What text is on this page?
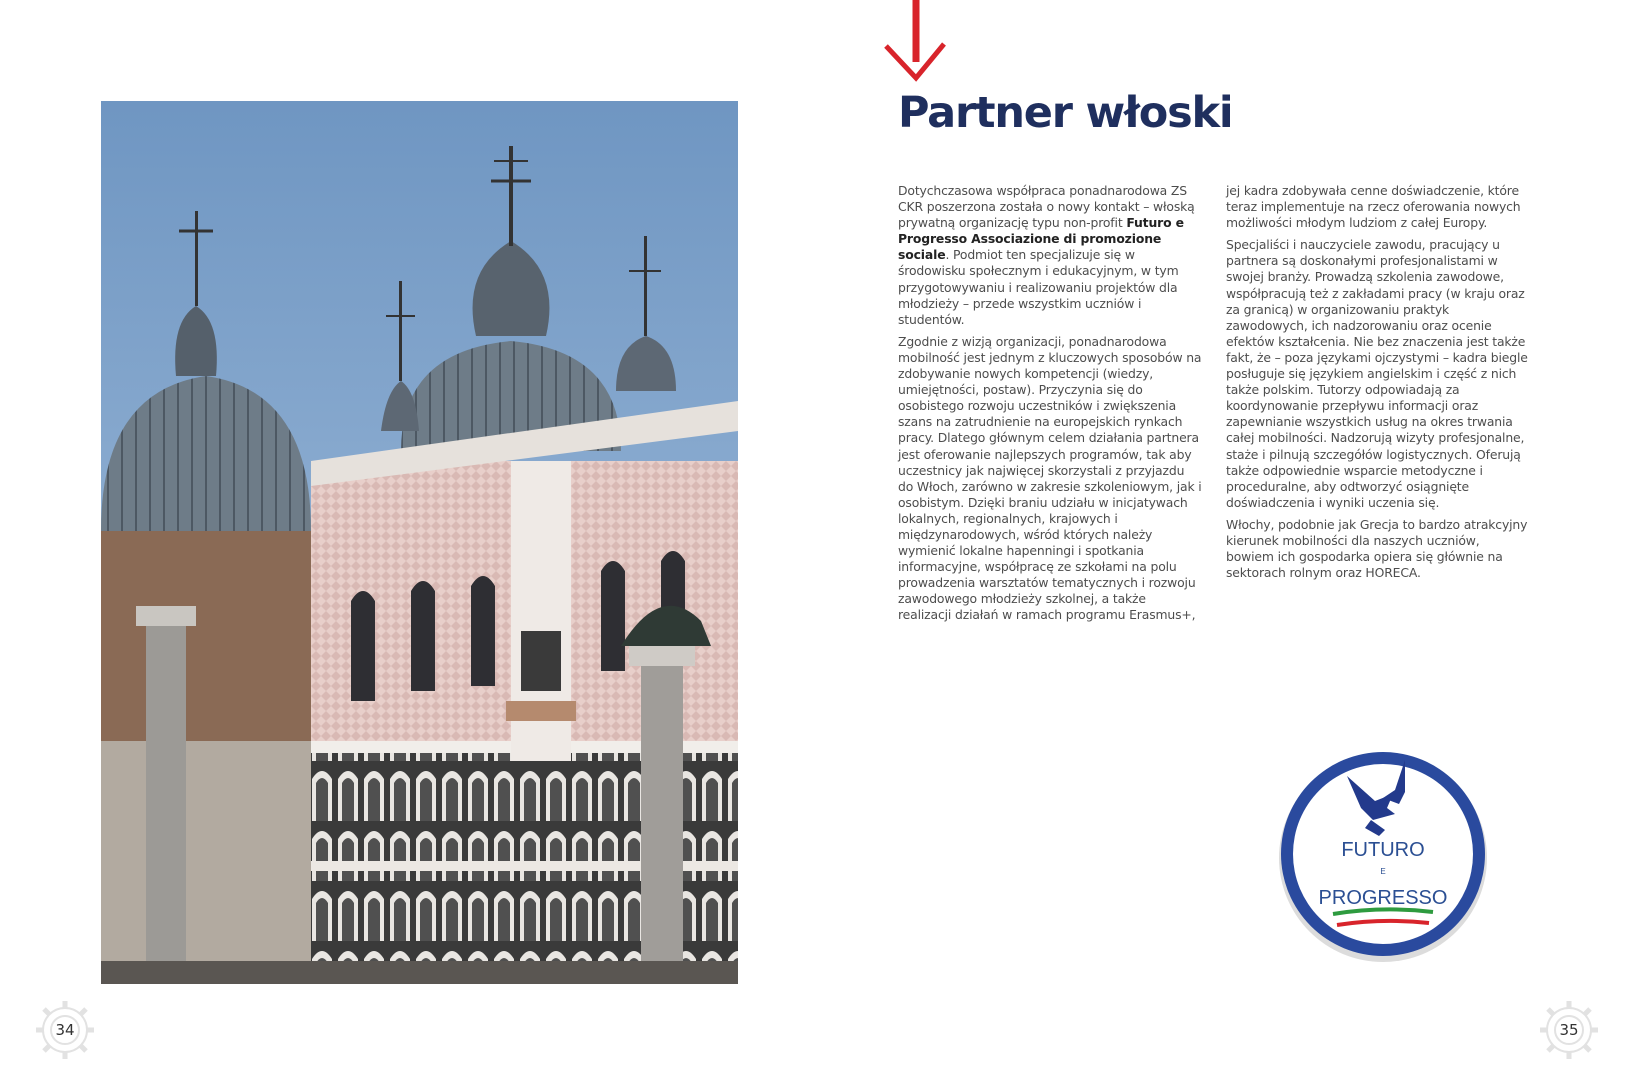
Partner włoski

Dotychczasowa współpraca ponadnarodowa ZS CKR poszerzona została o nowy kontakt – włoską prywatną organizację typu non-profit Futuro e Progresso Associazione di promozione sociale. Podmiot ten specjalizuje się w środowisku społecznym i edukacyjnym, w tym przygotowywaniu i realizowaniu projektów dla młodzieży – przede wszystkim uczniów i studentów.

Zgodnie z wizją organizacji, ponadnarodowa mobilność jest jednym z kluczowych sposobów na zdobywanie nowych kompetencji (wiedzy, umiejętności, postaw). Przyczynia się do osobistego rozwoju uczestników i zwiększenia szans na zatrudnienie na europejskich rynkach pracy. Dlatego głównym celem działania partnera jest oferowanie najlepszych programów, tak aby uczestnicy jak najwięcej skorzystali z przyjazdu do Włoch, zarówno w zakresie szkoleniowym, jak i osobistym. Dzięki braniu udziału w inicjatywach lokalnych, regionalnych, krajowych i międzynarodowych, wśród których należy wymienić lokalne hapenningi i spotkania informacyjne, współpracę ze szkołami na polu prowadzenia warsztatów tematycznych i rozwoju zawodowego młodzieży szkolnej, a także realizacji działań w ramach programu Erasmus+,

jej kadra zdobywała cenne doświadczenie, które teraz implementuje na rzecz oferowania nowych możliwości młodym ludziom z całej Europy.

Specjaliści i nauczyciele zawodu, pracujący u partnera są doskonałymi profesjonalistami w swojej branży. Prowadzą szkolenia zawodowe, współpracują też z zakładami pracy (w kraju oraz za granicą) w organizowaniu praktyk zawodowych, ich nadzorowaniu oraz ocenie efektów kształcenia. Nie bez znaczenia jest także fakt, że – poza językami ojczystymi – kadra biegle posługuje się językiem angielskim i część z nich także polskim. Tutorzy odpowiadają za koordynowanie przepływu informacji oraz zapewnianie wszystkich usług na okres trwania całej mobilności. Nadzorują wizyty profesjonalne, staże i pilnują szczegółów logistycznych. Oferują także odpowiednie wsparcie metodyczne i proceduralne, aby odtworzyć osiągnięte doświadczenia i wyniki uczenia się.

Włochy, podobnie jak Grecja to bardzo atrakcyjny kierunek mobilności dla naszych uczniów, bowiem ich gospodarka opiera się głównie na sektorach rolnym oraz HORECA.

FUTURO
E
PROGRESSO
34	35
